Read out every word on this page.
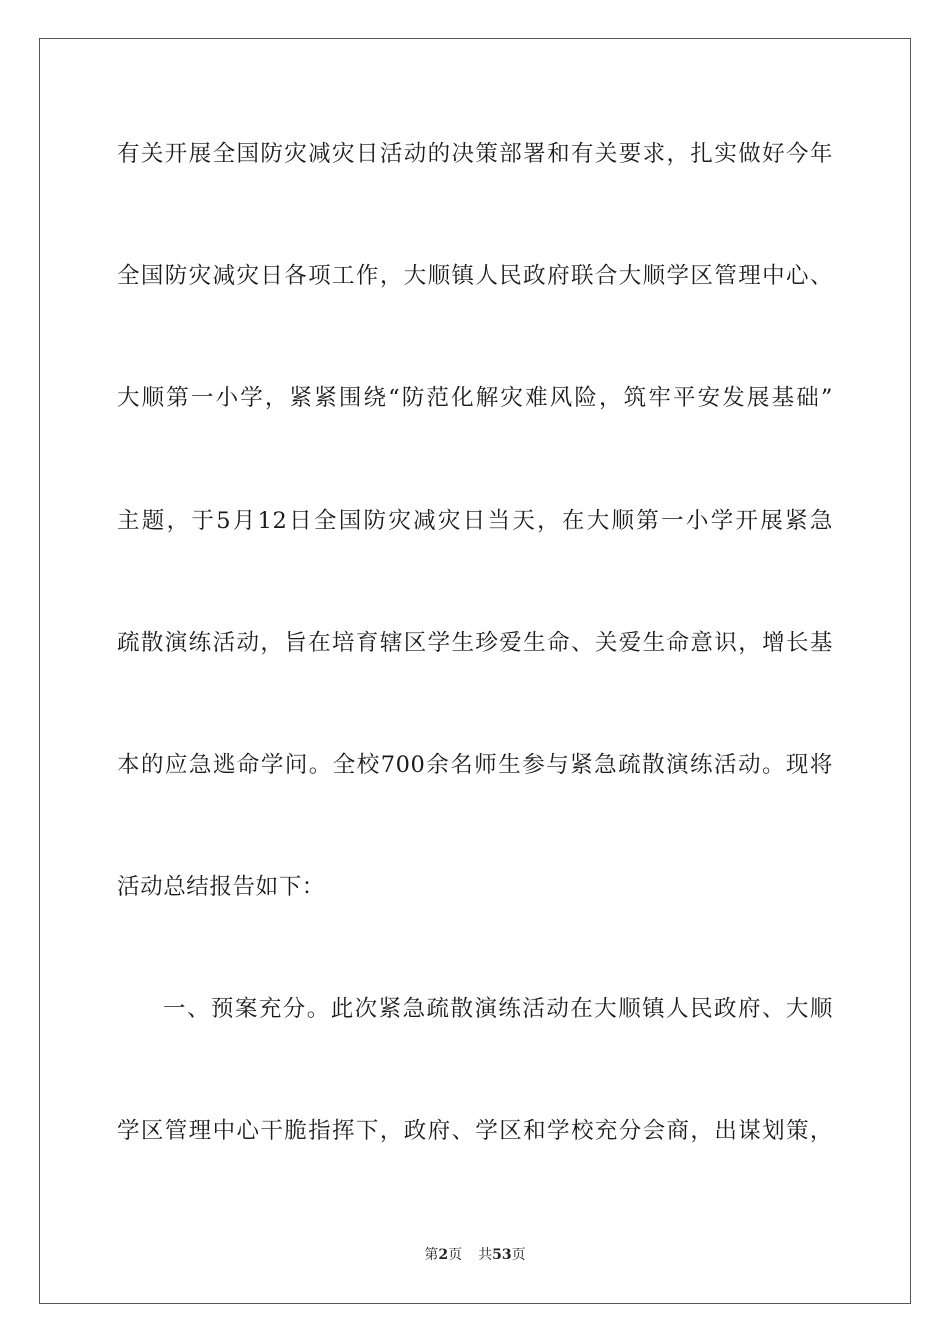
有关开展全国防灾减灾日活动的决策部署和有关要求，扎实做好今年
全国防灾减灾日各项工作，大顺镇人民政府联合大顺学区管理中心、
大顺第一小学，紧紧围绕“防范化解灾难风险，筑牢平安发展基础”
主题，于5月12日全国防灾减灾日当天，在大顺第一小学开展紧急
疏散演练活动，旨在培育辖区学生珍爱生命、关爱生命意识，增长基
本的应急逃命学问。全校700余名师生参与紧急疏散演练活动。现将
活动总结报告如下：
一、预案充分。此次紧急疏散演练活动在大顺镇人民政府、大顺
学区管理中心干脆指挥下，政府、学区和学校充分会商，出谋划策，
第2页 共53页
